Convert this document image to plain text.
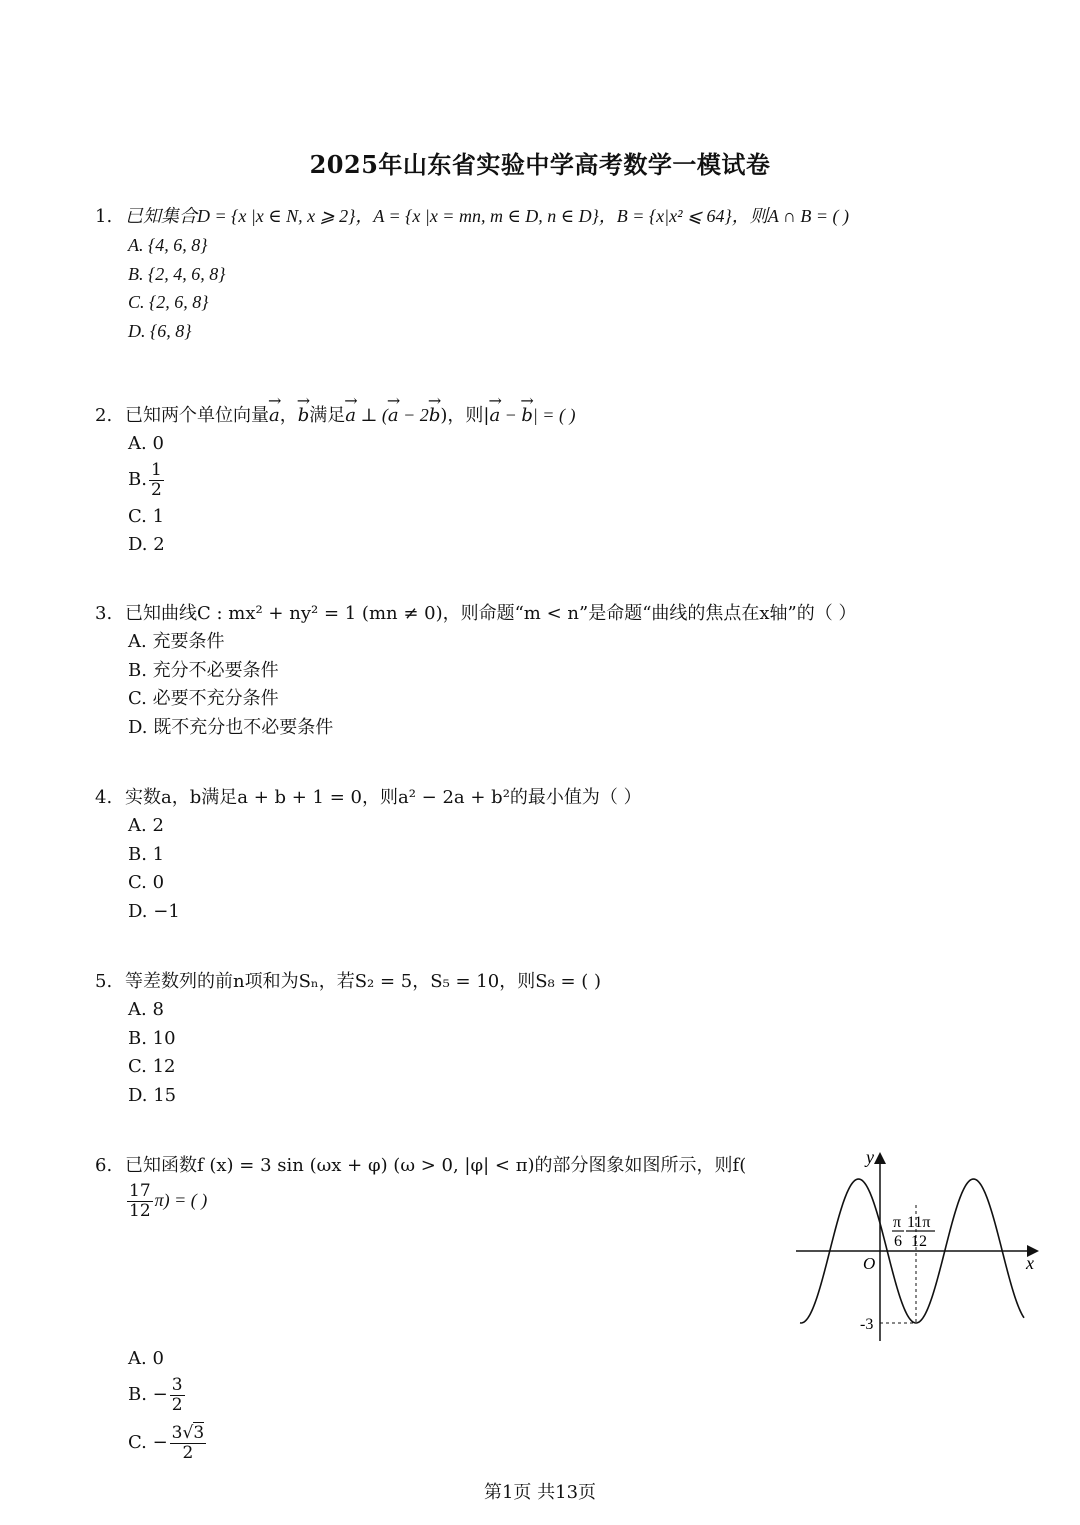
2025年山东省实验中学高考数学一模试卷
1. 已知集合D = {x |x ∈ N, x ⩾ 2}，A = {x |x = mn, m ∈ D, n ∈ D}，B = {x|x² ⩽ 64}，则A ∩ B = ( )
A. {4, 6, 8}
B. {2, 4, 6, 8}
C. {2, 6, 8}
D. {6, 8}
2. 已知两个单位向量→ a，→ b满足→ a ⊥ (→ a − 2→ b)，则|→ a − → b| = ( )
A. 0
B. $\frac{1}{2}$
C. 1
D. 2
3. 已知曲线C : mx² + ny² = 1 (mn ≠ 0)，则命题“m < n”是命题“曲线的焦点在x轴”的（ ）
A. 充要条件
B. 充分不必要条件
C. 必要不充分条件
D. 既不充分也不必要条件
4. 实数a，b满足a + b + 1 = 0，则a² − 2a + b²的最小值为（ ）
A. 2
B. 1
C. 0
D. −1
5. 等差数列的前n项和为Sₙ，若S₂ = 5，S₅ = 10，则S₈ = ( )
A. 8
B. 10
C. 12
D. 15
6. 已知函数f (x) = 3 sin (ωx + φ) (ω > 0, |φ| < π)的部分图象如图所示，则f(
$\frac{17}{12} \pi$) = ( )
A. 0
B. − $\frac{3}{2}$
C. − $\frac{3√3}{2}$
y
x
O
-3
π
6
11π
12
第1页 共13页
